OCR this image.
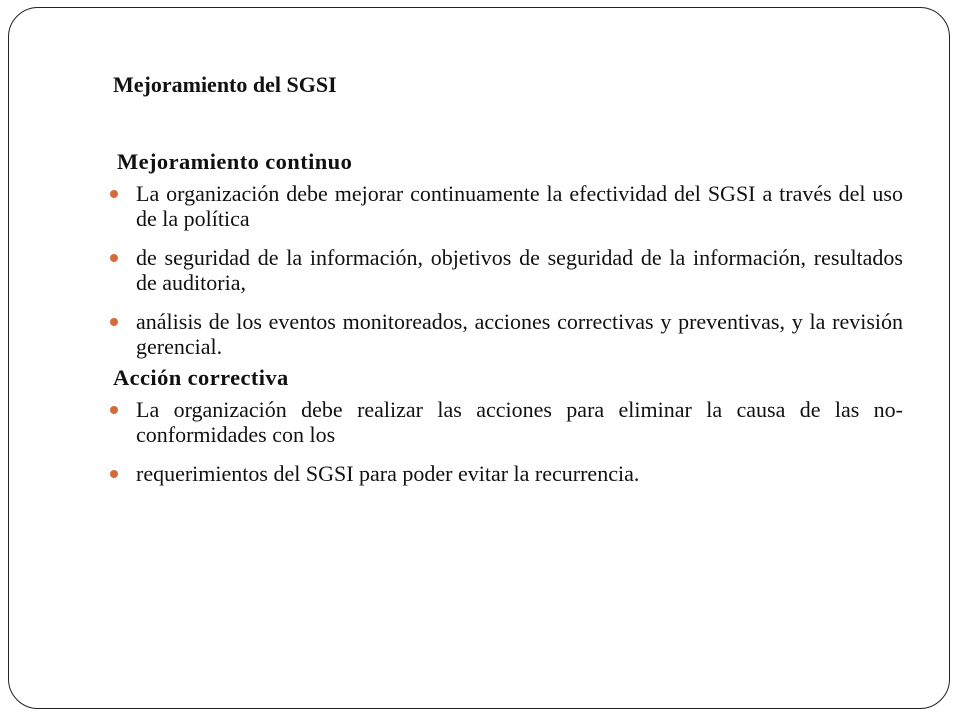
Mejoramiento del SGSI
Mejoramiento continuo
La organización debe mejorar continuamente la efectividad del SGSI a través del uso de la política
de seguridad de la información, objetivos de seguridad de la información, resultados de auditoria,
análisis de los eventos monitoreados, acciones correctivas y preventivas, y la revisión gerencial.
Acción correctiva
La organización debe realizar las acciones para eliminar la causa de las no-conformidades con los
requerimientos del SGSI para poder evitar la recurrencia.
